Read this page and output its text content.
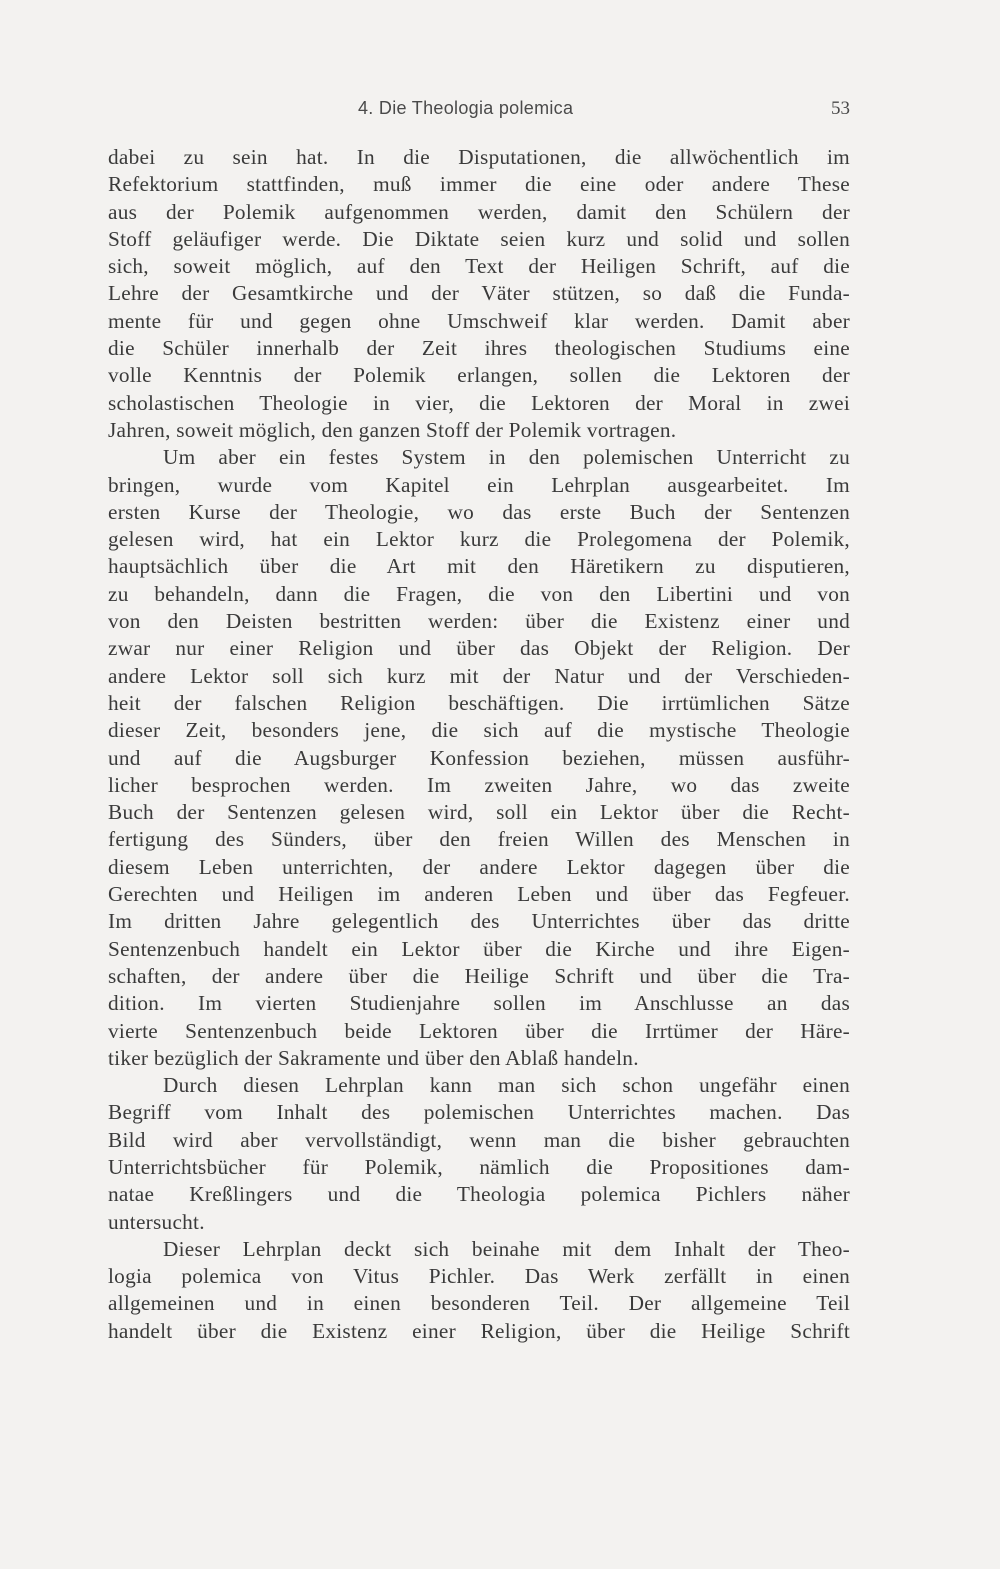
4. Die Theologia polemica	53
dabei zu sein hat. In die Disputationen, die allwöchentlich im
Refektorium stattfinden, muß immer die eine oder andere These
aus der Polemik aufgenommen werden, damit den Schülern der
Stoff geläufiger werde. Die Diktate seien kurz und solid und sollen
sich, soweit möglich, auf den Text der Heiligen Schrift, auf die
Lehre der Gesamtkirche und der Väter stützen, so daß die Funda-
mente für und gegen ohne Umschweif klar werden. Damit aber
die Schüler innerhalb der Zeit ihres theologischen Studiums eine
volle Kenntnis der Polemik erlangen, sollen die Lektoren der
scholastischen Theologie in vier, die Lektoren der Moral in zwei
Jahren, soweit möglich, den ganzen Stoff der Polemik vortragen.
Um aber ein festes System in den polemischen Unterricht zu
bringen, wurde vom Kapitel ein Lehrplan ausgearbeitet. Im
ersten Kurse der Theologie, wo das erste Buch der Sentenzen
gelesen wird, hat ein Lektor kurz die Prolegomena der Polemik,
hauptsächlich über die Art mit den Häretikern zu disputieren,
zu behandeln, dann die Fragen, die von den Libertini und von
von den Deisten bestritten werden: über die Existenz einer und
zwar nur einer Religion und über das Objekt der Religion. Der
andere Lektor soll sich kurz mit der Natur und der Verschieden-
heit der falschen Religion beschäftigen. Die irrtümlichen Sätze
dieser Zeit, besonders jene, die sich auf die mystische Theologie
und auf die Augsburger Konfession beziehen, müssen ausführ-
licher besprochen werden. Im zweiten Jahre, wo das zweite
Buch der Sentenzen gelesen wird, soll ein Lektor über die Recht-
fertigung des Sünders, über den freien Willen des Menschen in
diesem Leben unterrichten, der andere Lektor dagegen über die
Gerechten und Heiligen im anderen Leben und über das Fegfeuer.
Im dritten Jahre gelegentlich des Unterrichtes über das dritte
Sentenzenbuch handelt ein Lektor über die Kirche und ihre Eigen-
schaften, der andere über die Heilige Schrift und über die Tra-
dition. Im vierten Studienjahre sollen im Anschlusse an das
vierte Sentenzenbuch beide Lektoren über die Irrtümer der Häre-
tiker bezüglich der Sakramente und über den Ablaß handeln.
Durch diesen Lehrplan kann man sich schon ungefähr einen
Begriff vom Inhalt des polemischen Unterrichtes machen. Das
Bild wird aber vervollständigt, wenn man die bisher gebrauchten
Unterrichtsbücher für Polemik, nämlich die Propositiones dam-
natae Kreßlingers und die Theologia polemica Pichlers näher
untersucht.
Dieser Lehrplan deckt sich beinahe mit dem Inhalt der Theo-
logia polemica von Vitus Pichler. Das Werk zerfällt in einen
allgemeinen und in einen besonderen Teil. Der allgemeine Teil
handelt über die Existenz einer Religion, über die Heilige Schrift
